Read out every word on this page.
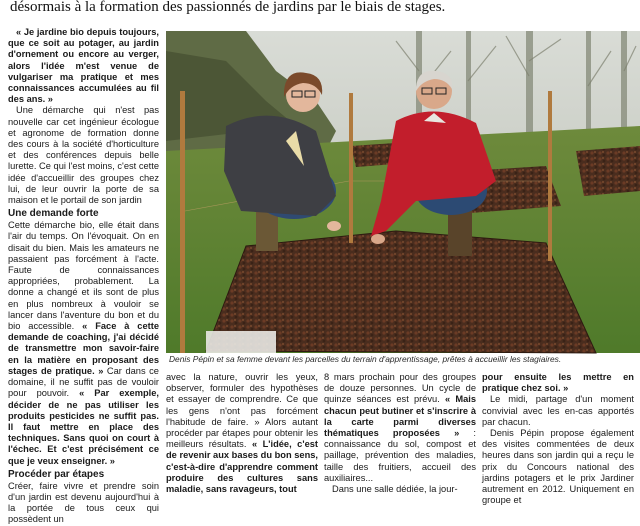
désormais à la formation des passionnés de jardins par le biais de stages.

« Je jardine bio depuis toujours, que ce soit au potager, au jardin d'ornement ou encore au verger, alors l'idée m'est venue de vulgariser ma pratique et mes connaissances accumulées au fil des ans. »

Une démarche qui n'est pas nouvelle car cet ingénieur écologue et agronome de formation donne des cours à la société d'horticulture et des conférences depuis belle lurette. Ce qui l'est moins, c'est cette idée d'accueillir des groupes chez lui, de leur ouvrir la porte de sa maison et le portail de son jardin

Une demande forte

Cette démarche bio, elle était dans l'air du temps. On l'évoquait. On en disait du bien. Mais les amateurs ne passaient pas forcément à l'acte. Faute de connaissances appropriées, probablement. La donne a changé et ils sont de plus en plus nombreux à vouloir se lancer dans l'aventure du bon et du bio accessible. « Face à cette demande de coaching, j'ai décidé de transmettre mon savoir-faire en la matière en proposant des stages de pratique. » Car dans ce domaine, il ne suffit pas de vouloir pour pouvoir. « Par exemple, décider de ne pas utiliser les produits pesticides ne suffit pas. Il faut mettre en place des techniques. Sans quoi on court à l'échec. Et c'est précisément ce que je veux enseigner. »

Procéder par étapes

Créer, faire vivre et prendre soin d'un jardin est devenu aujourd'hui à la portée de tous ceux qui possèdent un

Denis Pépin et sa femme devant les parcelles du terrain d'apprentissage, prêtes à accueillir les stagiaires.

avec la nature, ouvrir les yeux, observer, formuler des hypothèses et essayer de comprendre. Ce que les gens n'ont pas forcément l'habitude de faire. » Alors autant procéder par étapes pour obtenir les meilleurs résultats. « L'idée, c'est de revenir aux bases du bon sens, c'est-à-dire d'apprendre comment produire des cultures sans maladie, sans ravageurs, tout

8 mars prochain pour des groupes de douze personnes. Un cycle de quinze séances est prévu. « Mais chacun peut butiner et s'inscrire à la carte parmi diverses thématiques proposées » : connaissance du sol, compost et paillage, prévention des maladies, taille des fruitiers, accueil des auxiliaires...

Dans une salle dédiée, la jour-

pour ensuite les mettre en pratique chez soi. »

Le midi, partage d'un moment convivial avec les en-cas apportés par chacun.

Denis Pépin propose également des visites commentées de deux heures dans son jardin qui a reçu le prix du Concours national des jardins potagers et le prix Jardiner autrement en 2012. Uniquement en groupe et
